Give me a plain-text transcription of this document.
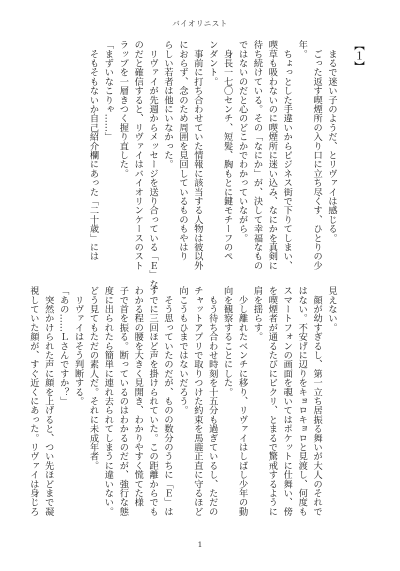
バイオリニスト
【１】

　まるで迷い子のようだ、とリヴァイは感じる。

　ごった返す喫煙所の入り口に立ち尽くす、ひとりの少

年。

　ちょっとした手違いからビジネス街で下りてしまい、

喫草も吸わないのに喫煙所に迷い込み、なにかを真剣に

待ち続けている。その「なにか」が、決して幸福なもの

ではないのだと心のどこかでわかっていながら。

　身長一七〇センチ、短髪、胸もとに鍵モチーフのペ

ンダント。

　事前に打ち合わせていた情報に該当する人物は彼以外

におらず、念のため周囲を見回しているものもやはり

らしい若者は他にいなかった。

　リヴァイが先週からメッセージを送り合っている「Ｅ」な

のだと確信すると、リヴァイはバイオリンケースのスト

ラップを一層きつく握り直した。

「まずいなこりゃ……」

　そもそもないか自己紹介欄にあった「二十歳」には

見えない。

　顔が幼すぎるし、第一立ち居振る舞いが大人のそれで

はない。不安げに辺りをキョロキョロと見渡し、何度も

スマートフォンの画面を覗いてはポケットに仕舞い、傍

を喫煙者が通るたびにビクリ、とまるで驚戒するように

肩を揺らす。

　少し離れたベンチに移り、リヴァイはしばし少年の動

向を観察することにした。

　もう待ち合わせ時刻を十五分も過ぎているし、ただの

チャットアプリで取りつけた約束を馬鹿正直に守るほど

向こうもひまではないだろう。

　そう思っていたのだが、ものの数分のうちに「Ｅ」は

すでに三回ほど声を掛けられていた。この距離からでも

わかる程の腰を大きく見開き、わかりやすく慌てた様

子で首を振る。断っているのはわかるのだが、強行な態

度に出られたら簡単に連れ去られてしまうに違いない。

どう見てもただの素人だ。それに未成年者。

　リヴァイはそう判断する。

「あの……Ｌさんですか？」

　突然かけられた声に顔を上げると、つい先ほどまで凝

視していた顔が、すぐ近くにあった。リヴァイは身じろ

1
